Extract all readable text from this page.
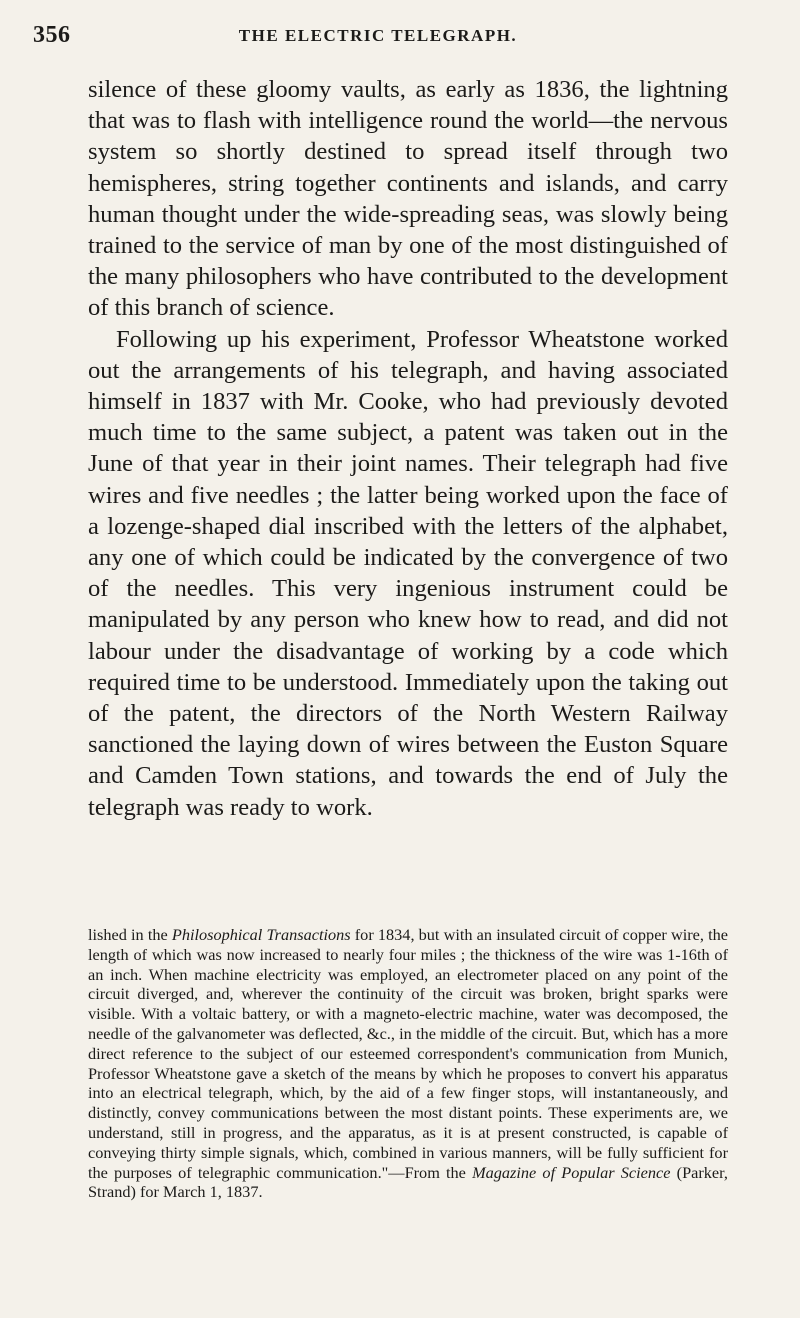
356	THE ELECTRIC TELEGRAPH.

silence of these gloomy vaults, as early as 1836, the lightning that was to flash with intelligence round the world—the nervous system so shortly destined to spread itself through two hemispheres, string together continents and islands, and carry human thought under the wide-spreading seas, was slowly being trained to the service of man by one of the most distinguished of the many philosophers who have contributed to the development of this branch of science.

Following up his experiment, Professor Wheatstone worked out the arrangements of his telegraph, and having associated himself in 1837 with Mr. Cooke, who had previously devoted much time to the same subject, a patent was taken out in the June of that year in their joint names. Their telegraph had five wires and five needles ; the latter being worked upon the face of a lozenge-shaped dial inscribed with the letters of the alphabet, any one of which could be indicated by the convergence of two of the needles. This very ingenious instrument could be manipulated by any person who knew how to read, and did not labour under the disadvantage of working by a code which required time to be understood. Immediately upon the taking out of the patent, the directors of the North Western Railway sanctioned the laying down of wires between the Euston Square and Camden Town stations, and towards the end of July the telegraph was ready to work.

lished in the Philosophical Transactions for 1834, but with an insulated circuit of copper wire, the length of which was now increased to nearly four miles ; the thickness of the wire was 1-16th of an inch. When machine electricity was employed, an electrometer placed on any point of the circuit diverged, and, wherever the continuity of the circuit was broken, bright sparks were visible. With a voltaic battery, or with a magneto-electric machine, water was decomposed, the needle of the galvanometer was deflected, &c., in the middle of the circuit. But, which has a more direct reference to the subject of our esteemed correspondent's communication from Munich, Professor Wheatstone gave a sketch of the means by which he proposes to convert his apparatus into an electrical telegraph, which, by the aid of a few finger stops, will instantaneously, and distinctly, convey communications between the most distant points. These experiments are, we understand, still in progress, and the apparatus, as it is at present constructed, is capable of conveying thirty simple signals, which, combined in various manners, will be fully sufficient for the purposes of telegraphic communication."—From the Magazine of Popular Science (Parker, Strand) for March 1, 1837.
